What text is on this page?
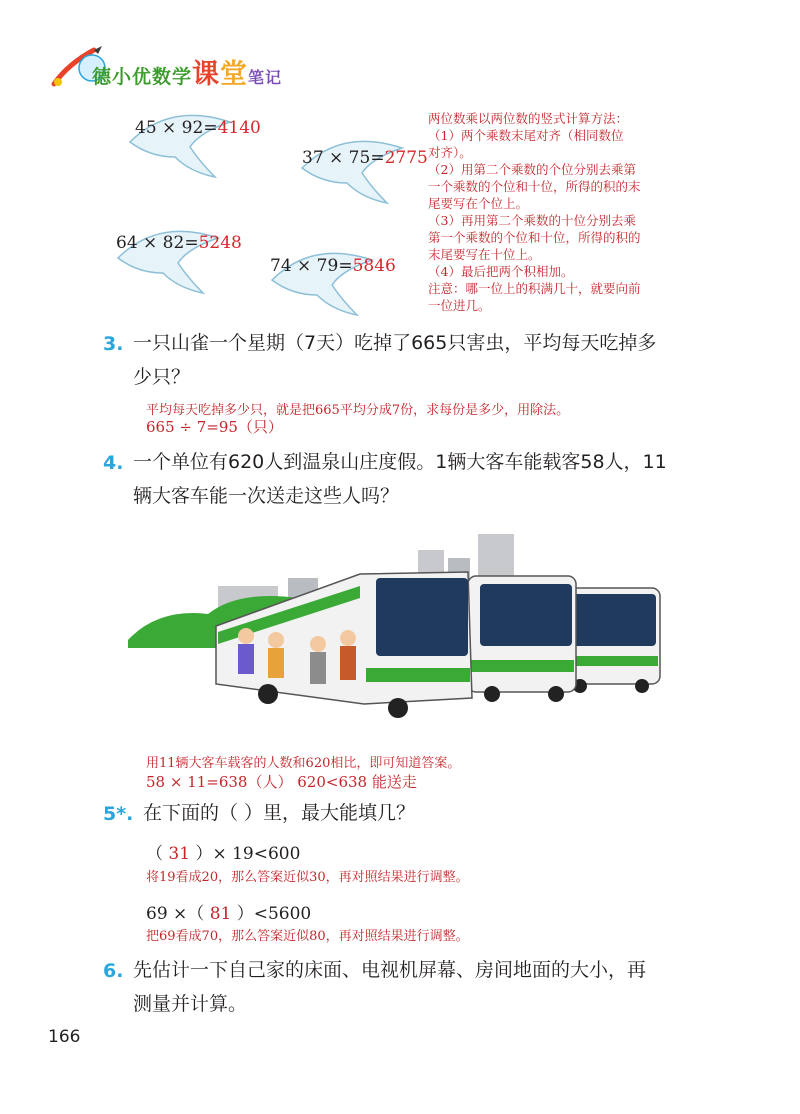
德小优数学课堂笔记
45 × 92=4140
37 × 75=2775
64 × 82=5248
74 × 79=5846
两位数乘以两位数的竖式计算方法：
（1）两个乘数末尾对齐（相同数位
对齐）。
（2）用第二个乘数的个位分别去乘第
一个乘数的个位和十位，所得的积的末
尾要写在个位上。
（3）再用第二个乘数的十位分别去乘
第一个乘数的个位和十位，所得的积的
末尾要写在十位上。
（4）最后把两个积相加。
注意：哪一位上的积满几十，就要向前
一位进几。
3. 一只山雀一个星期（7天）吃掉了665只害虫，平均每天吃掉多
少只？
平均每天吃掉多少只，就是把665平均分成7份，求每份是多少，用除法。
665 ÷ 7=95（只）
4. 一个单位有620人到温泉山庄度假。1辆大客车能载客58人，11
辆大客车能一次送走这些人吗？
用11辆大客车载客的人数和620相比，即可知道答案。
58 × 11=638（人） 620<638 能送走
5*. 在下面的（ ）里，最大能填几？
（ 31 ）× 19<600
将19看成20，那么答案近似30，再对照结果进行调整。
69 ×（ 81 ）<5600
把69看成70，那么答案近似80，再对照结果进行调整。
6. 先估计一下自己家的床面、电视机屏幕、房间地面的大小，再
测量并计算。
166
